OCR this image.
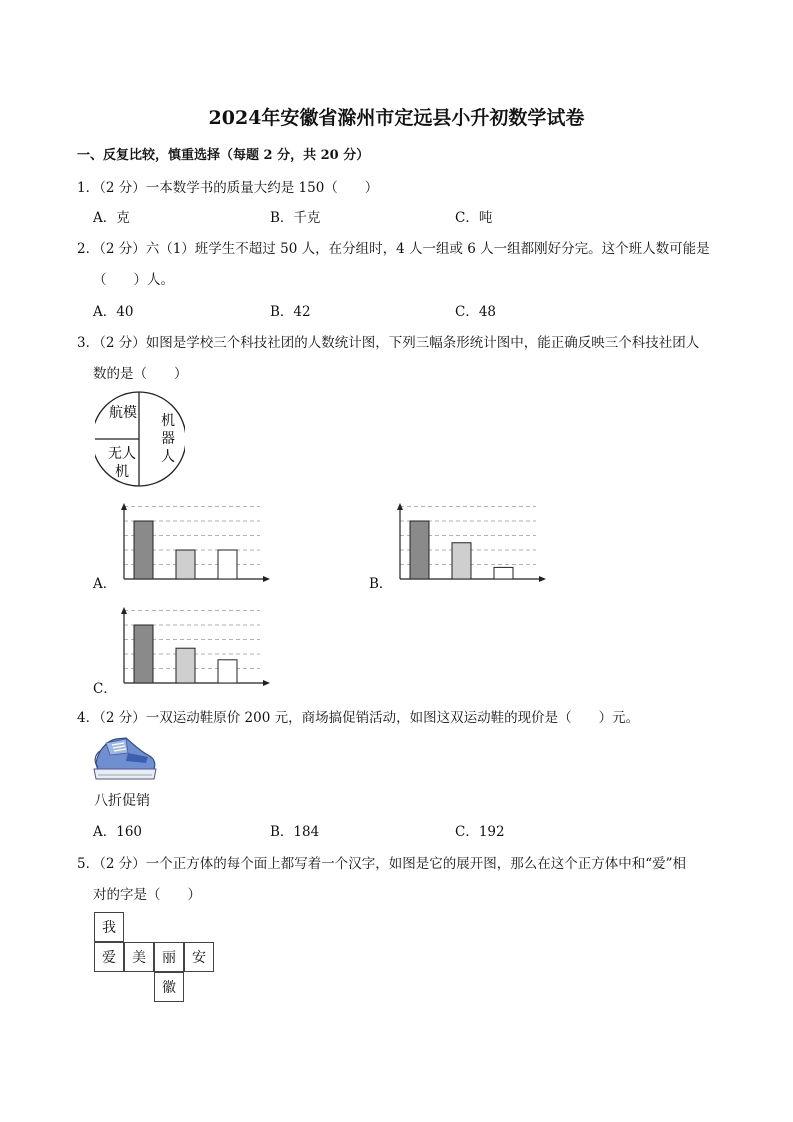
2024年安徽省滁州市定远县小升初数学试卷
一、反复比较，慎重选择（每题 2 分，共 20 分）
1．（2 分）一本数学书的质量大约是 150（　　）
A．克	B．千克	C．吨
2．（2 分）六（1）班学生不超过 50 人，在分组时，4 人一组或 6 人一组都刚好分完。这个班人数可能是
（　　）人。
A．40	B．42	C．48
3．（2 分）如图是学校三个科技社团的人数统计图，下列三幅条形统计图中，能正确反映三个科技社团人
数的是（　　）
航模
无人
机
机
器
人
A．	B．
C．
4．（2 分）一双运动鞋原价 200 元，商场搞促销活动，如图这双运动鞋的现价是（　　）元。
八折促销
A．160	B．184	C．192
5．（2 分）一个正方体的每个面上都写着一个汉字，如图是它的展开图，那么在这个正方体中和“爱”相
对的字是（　　）
我
爱	美	丽	安
徽
